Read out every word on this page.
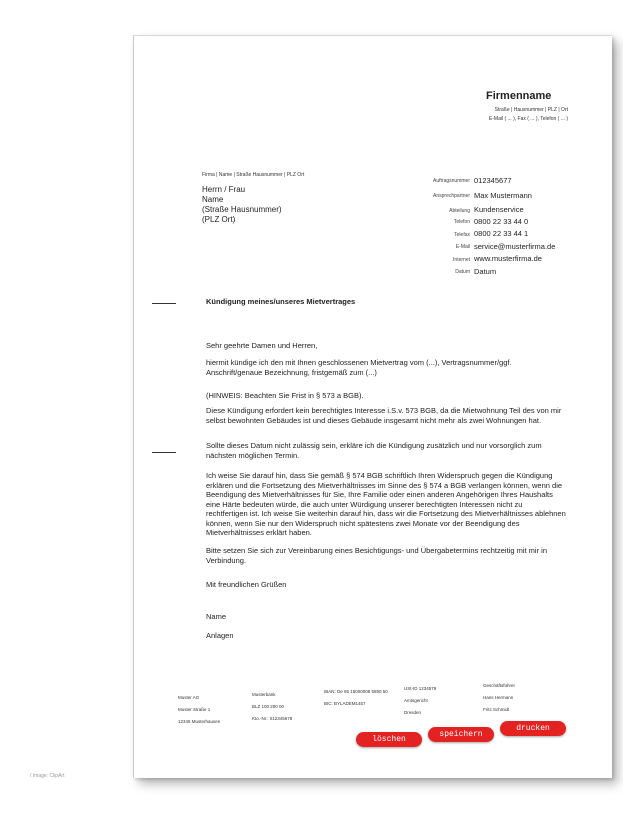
Firmenname
Straße | Hausnummer | PLZ | Ort
E-Mail ( ... ), Fax ( ... ), Telefon ( ... )
Firma | Name | Straße Hausnummer | PLZ Ort
Herrn / Frau
Name
(Straße Hausnummer)
(PLZ Ort)
Auftragsnummer 012345677
Ansprechpartner Max Mustermann
Abteilung Kundenservice
Telefon 0800 22 33 44 0
Telefax 0800 22 33 44 1
E-Mail service@musterfirma.de
Internet www.musterfirma.de
Datum Datum
Kündigung meines/unseres Mietvertrages
Sehr geehrte Damen und Herren,
hiermit kündige ich den mit Ihnen geschlossenen Mietvertrag vom (...), Vertragsnummer/ggf. Anschrift/genaue Bezeichnung, fristgemäß zum (...)
(HINWEIS: Beachten Sie Frist in § 573 a BGB).
Diese Kündigung erfordert kein berechtigtes Interesse i.S.v. 573 BGB, da die Mietwohnung Teil des von mir selbst bewohnten Gebäudes ist und dieses Gebäude insgesamt nicht mehr als zwei Wohnungen hat.
Sollte dieses Datum nicht zulässig sein, erkläre ich die Kündigung zusätzlich und nur vorsorglich zum nächsten möglichen Termin.
Ich weise Sie darauf hin, dass Sie gemäß § 574 BGB schriftlich Ihren Widerspruch gegen die Kündigung erklären und die Fortsetzung des Mietverhältnisses im Sinne des § 574 a BGB verlangen können, wenn die Beendigung des Mietverhältnisses für Sie, Ihre Familie oder einen anderen Angehörigen Ihres Haushalts eine Härte bedeuten würde, die auch unter Würdigung unserer berechtigten Interessen nicht zu rechtfertigen ist. Ich weise Sie weiterhin darauf hin, dass wir die Fortsetzung des Mietverhältnisses ablehnen können, wenn Sie nur den Widerspruch nicht spätestens zwei Monate vor der Beendigung des Mietverhältnisses erklärt haben.
Bitte setzen Sie sich zur Vereinbarung eines Besichtigungs- und Übergabetermins rechtzeitig mit mir in Verbindung.
Mit freundlichen Grüßen
Name
Anlagen
Muster AG
Muster Straße 1
12345 Musterhausen
Musterbank
BLZ 100 200 00
Kto.-Nr.: 012345678
IBAN: De 65 15000008 5890 50
BIC: BYLADEM1457
USt-ID 1234579
Amtsgericht
Dresden
Geschäftsführer
Hans Hermann
Fritz Schmidt
löschen
speichern
drucken
/ Image: ClipArt
